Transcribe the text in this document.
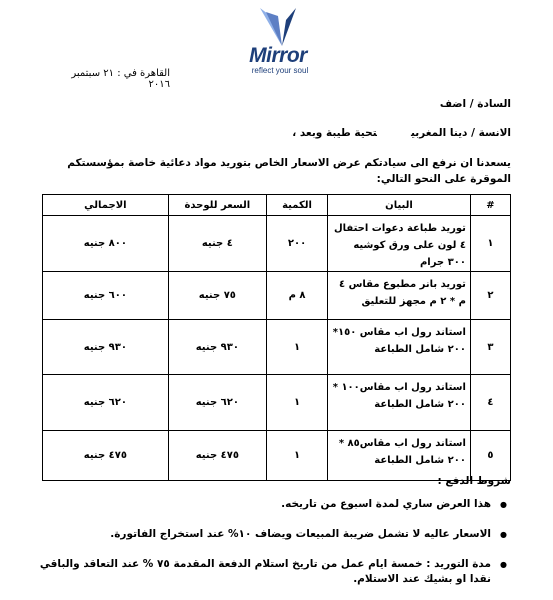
Mirror
reflect your soul
القاهرة في : ٢١ سبتمبر ٢٠١٦
السادة / اضف
الانسة / دينا المغربيتحية طيبة وبعد ،
يسعدنا ان نرفع الى سيادتكم عرض الاسعار الخاص بتوريد مواد دعائية خاصة بمؤسستكم الموقرة على النحو التالي:
#	البيان	الكمية	السعر للوحدة	الاجمالي
١	توريد طباعة دعوات احتفال ٤ لون على ورق كوشيه ٣٠٠ جرام	٢٠٠	٤ جنيه	٨٠٠ جنيه
٢	توريد بانر مطبوع مقاس ٤ م * ٢ م مجهز للتعليق	٨ م	٧٥ جنيه	٦٠٠ جنيه
٣	استاند رول اب مقاس ١٥٠* ٢٠٠ شامل الطباعة	١	٩٣٠ جنيه	٩٣٠ جنيه
٤	استاند رول اب مقاس١٠٠ * ٢٠٠ شامل الطباعة	١	٦٢٠ جنيه	٦٢٠ جنيه
٥	استاند رول اب مقاس٨٥ * ٢٠٠ شامل الطباعة	١	٤٧٥ جنيه	٤٧٥ جنيه
شروط الدفع :
● هذا العرض ساري لمدة اسبوع من تاريخه.
● الاسعار عاليه لا تشمل ضريبة المبيعات ويضاف ١٠% عند استخراج الفاتورة.
● مدة التوريد : خمسة ايام عمل من تاريخ استلام الدفعة المقدمة ٧٥ % عند التعاقد والباقي نقدا او بشيك عند الاستلام.
